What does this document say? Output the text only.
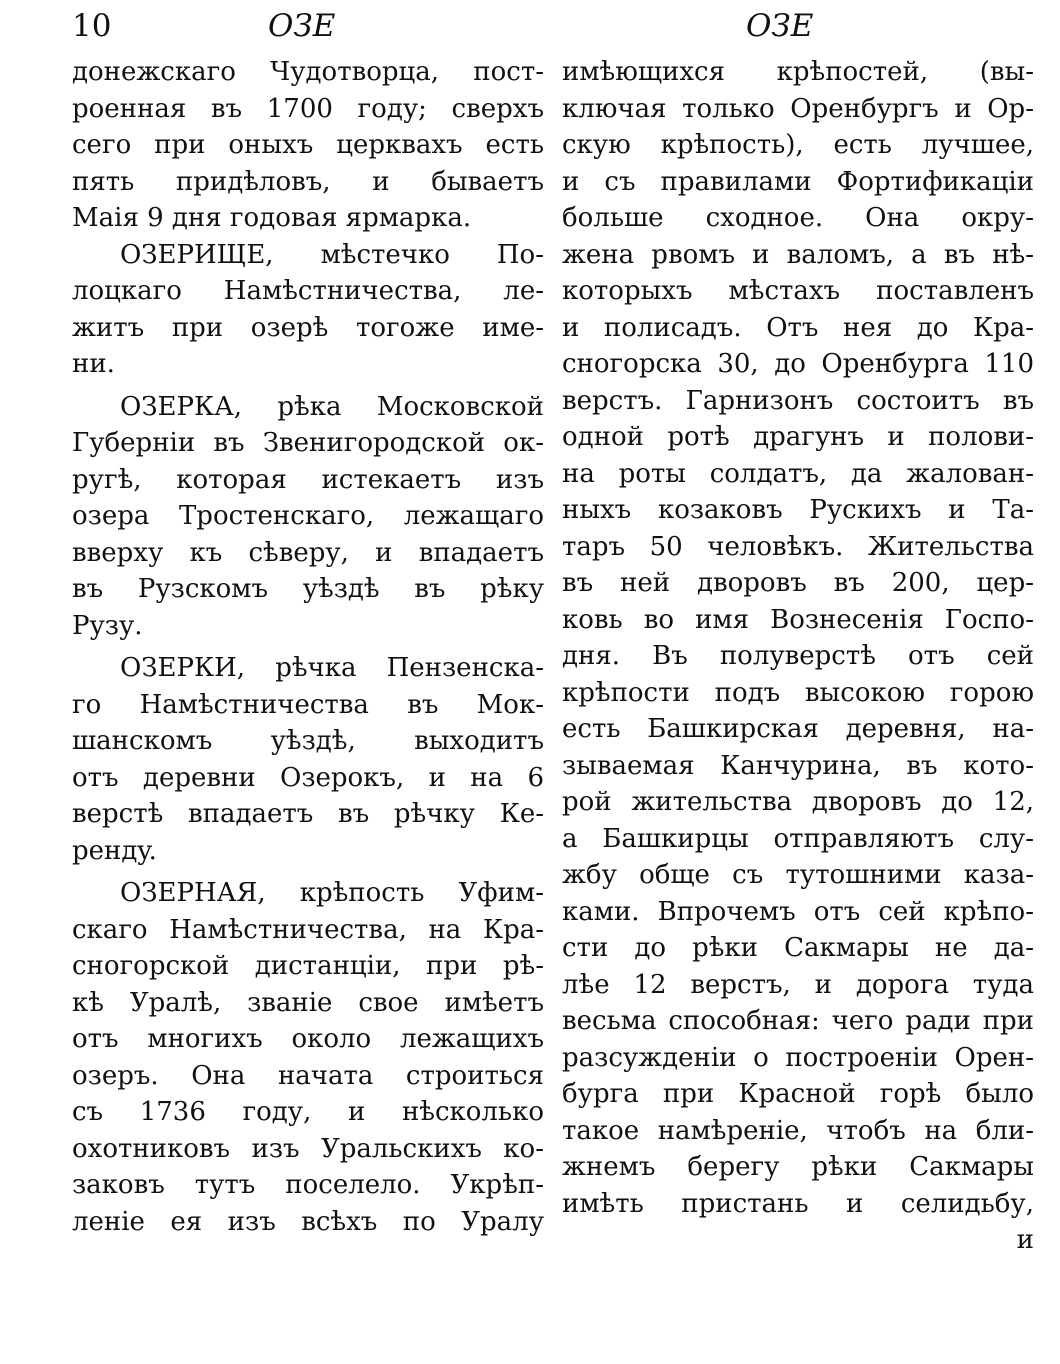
10	ОЗЕ	ОЗЕ
донежскаго Чудотворца, пост-
роенная въ 1700 году; сверхъ
сего при оныхъ церквахъ есть
пять придѣловъ, и бываетъ
Маія 9 дня годовая ярмарка.
ОЗЕРИЩЕ, мѣстечко По-
лоцкаго Намѣстничества, ле-
житъ при озерѣ тогожe име-
ни.
ОЗЕРКА, рѣка Московской
Губерніи въ Звенигородской ок-
ругѣ, которая истекаетъ изъ
озера Тростенскаго, лежащаго
вверху къ сѣверу, и впадаетъ
въ Рузскомъ уѣздѣ въ рѣку
Рузу.
ОЗЕРКИ, рѣчка Пензенска-
го Намѣстничества въ Мок-
шанскомъ уѣздѣ, выходитъ
отъ деревни Озерокъ, и на 6
верстѣ впадаетъ въ рѣчку Ке-
рендy.
ОЗЕРНАЯ, крѣпость Уфим-
скаго Намѣстничества, на Кра-
сногорской дистанціи, при рѣ-
кѣ Уралѣ, званіе свое имѣетъ
отъ многихъ около лежащихъ
озеръ. Она начата строиться
съ 1736 году, и нѣсколько
охотниковъ изъ Уральскихъ ко-
заковъ тутъ поселело. Укрѣп-
леніе ея изъ всѣхъ по Уралу
имѣющихся крѣпостей, (вы-
ключая только Оренбургъ и Ор-
скую крѣпость), есть лучшее,
и съ правилами Фортификаціи
больше сходное. Она окру-
жена рвомъ и валомъ, а въ нѣ-
которыхъ мѣстахъ поставленъ
и полисадъ. Отъ нея до Кра-
сногорска 30, до Оренбурга 110
верстъ. Гарнизонъ состоитъ въ
одной ротѣ драгунъ и полови-
на роты солдатъ, да жалован-
ныхъ козаковъ Рускихъ и Та-
таръ 50 человѣкъ. Жительства
въ ней дворовъ въ 200, цер-
ковь во имя Вознесенія Госпо-
дня. Въ полуверстѣ отъ сей
крѣпости подъ высокою горою
есть Башкирская деревня, на-
зываемая Канчурина, въ кото-
рой жительства дворовъ до 12,
а Башкирцы отправляютъ слу-
жбу обще съ тутошними каза-
ками. Впрочемъ отъ сей крѣпо-
сти до рѣки Сакмары не да-
лѣе 12 верстъ, и дорога туда
весьма способная: чего ради при
разсужденіи о построеніи Орен-
бурга при Красной горѣ было
такое намѣреніе, чтобъ на бли-
жнемъ берегу рѣки Сакмары
имѣть пристань и селидьбу,
и
